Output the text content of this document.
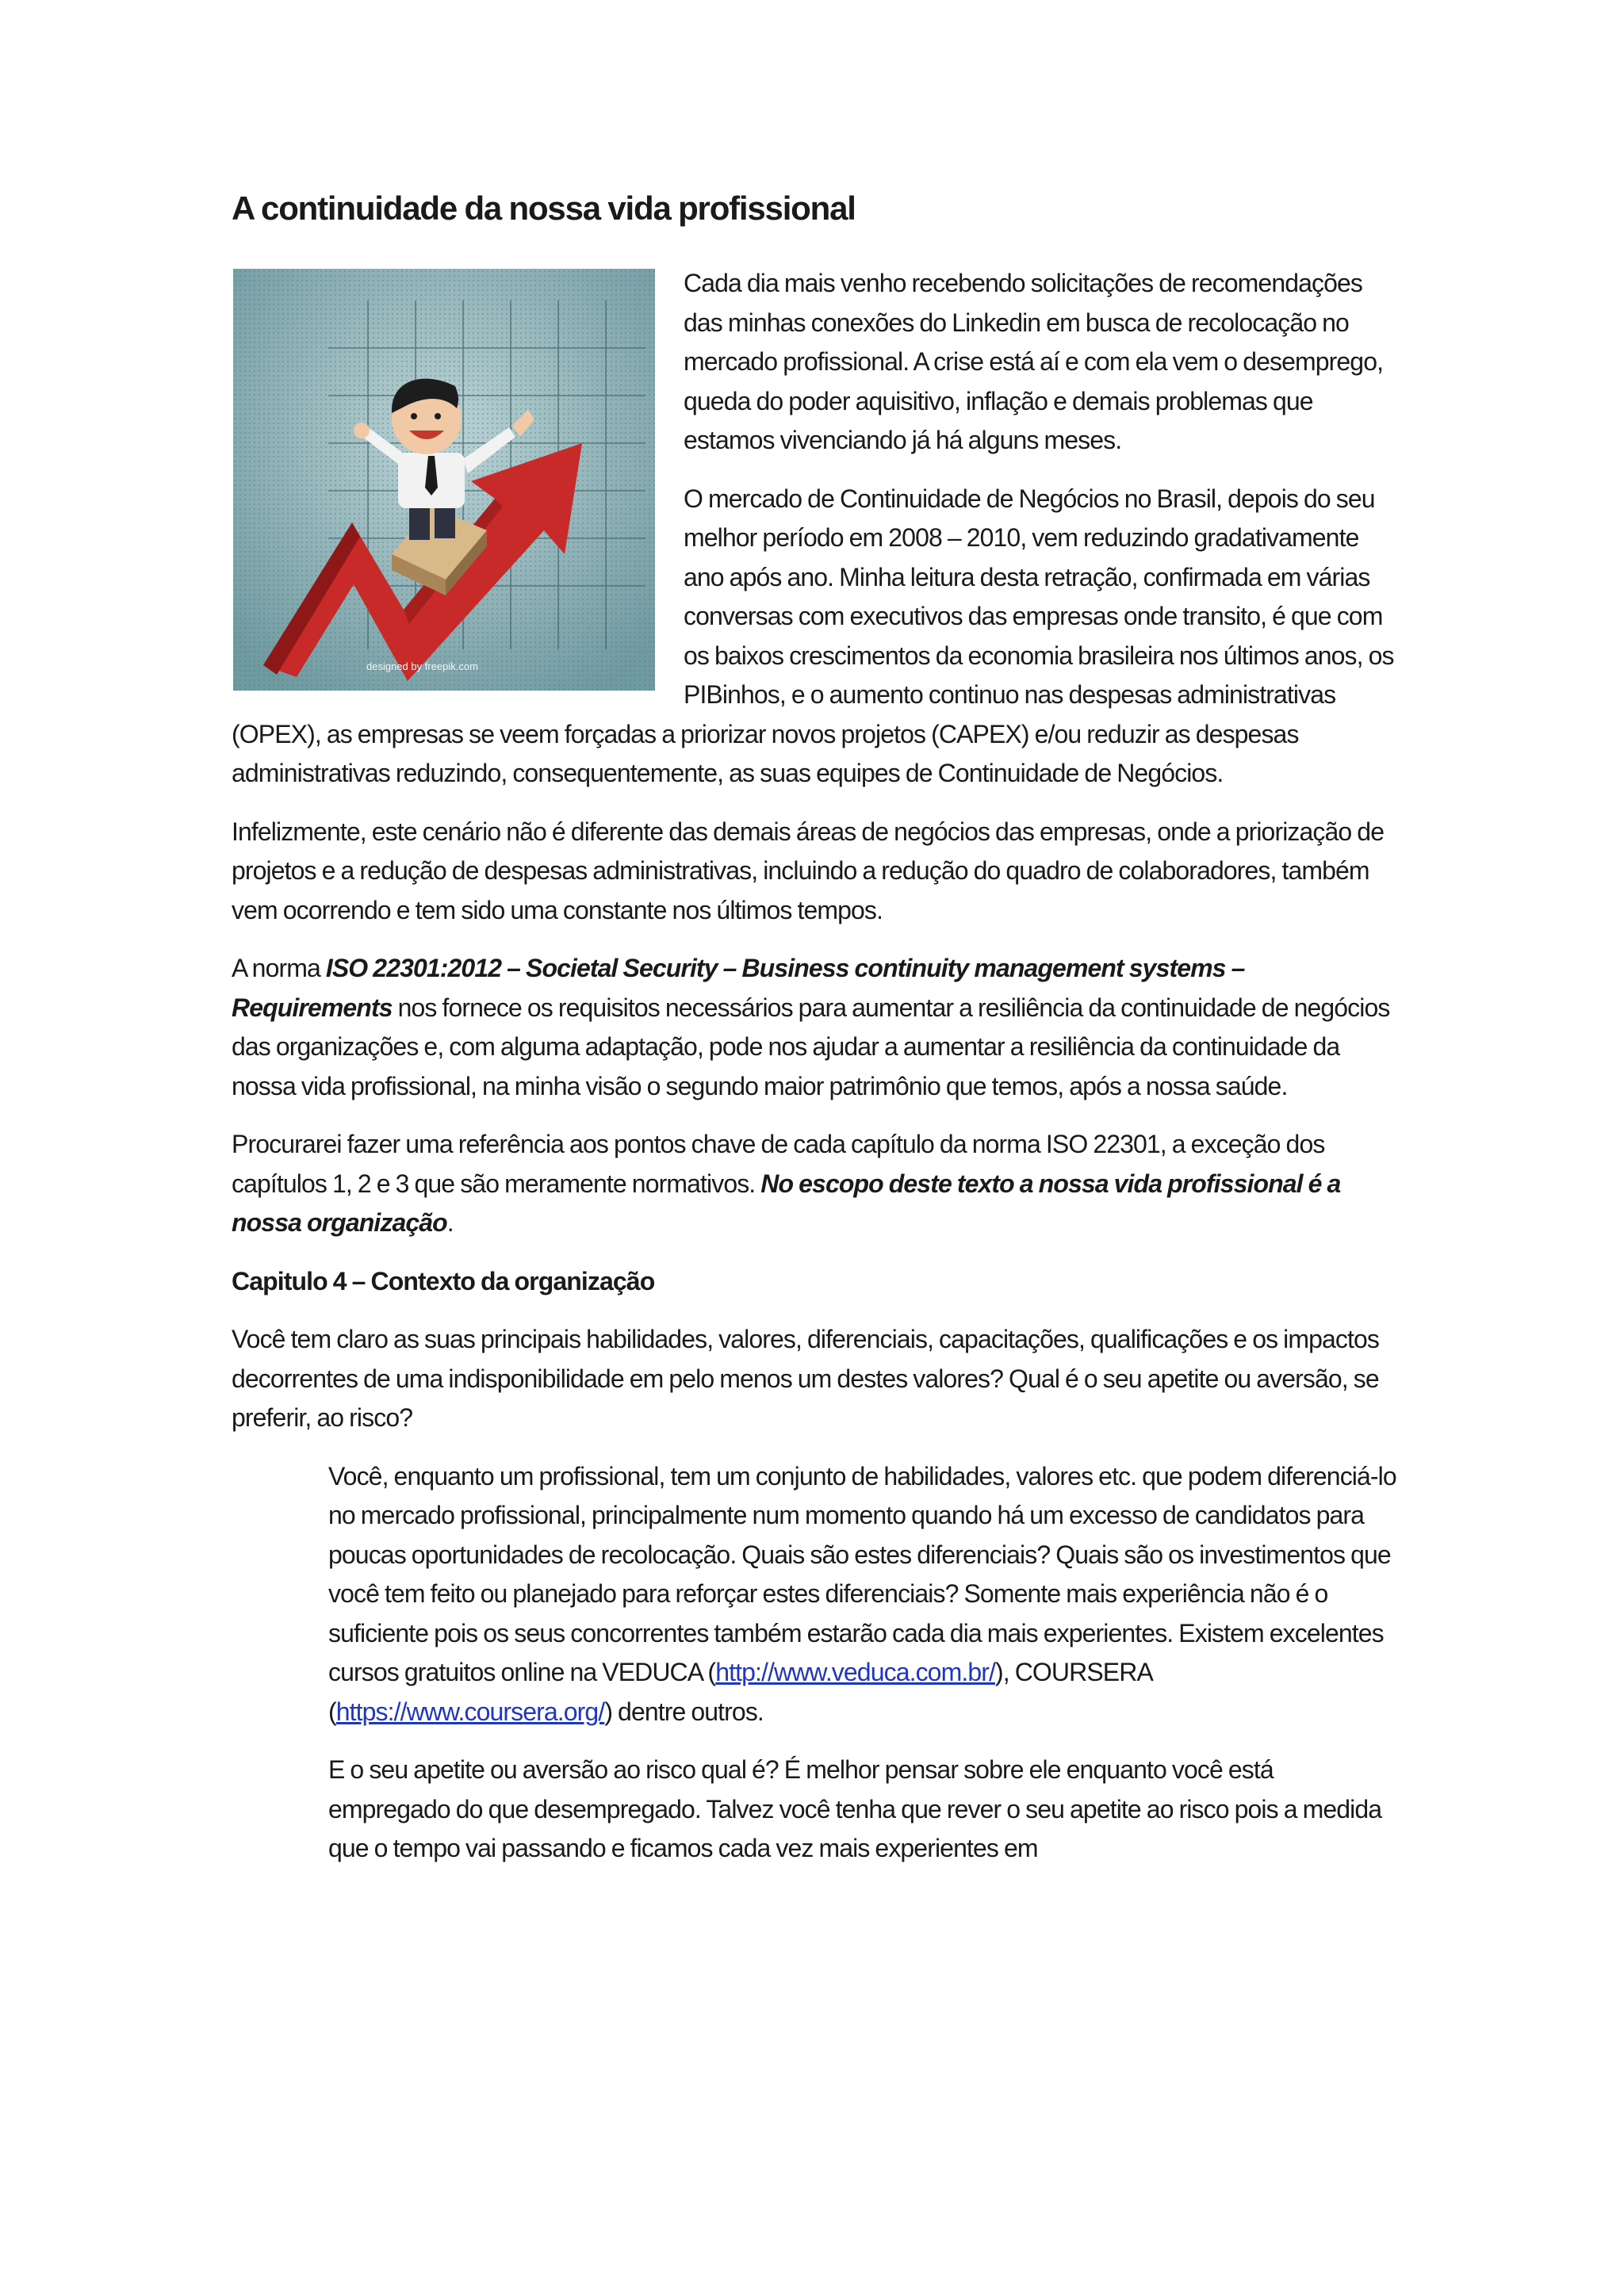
A continuidade da nossa vida profissional
designed by freepik.com

Cada dia mais venho recebendo solicitações de recomendações das minhas conexões do Linkedin em busca de recolocação no mercado profissional. A crise está aí e com ela vem o desemprego, queda do poder aquisitivo, inflação e demais problemas que estamos vivenciando já há alguns meses.

O mercado de Continuidade de Negócios no Brasil, depois do seu melhor período em 2008 – 2010, vem reduzindo gradativamente ano após ano. Minha leitura desta retração, confirmada em várias conversas com executivos das empresas onde transito, é que com os baixos crescimentos da economia brasileira nos últimos anos, os PIBinhos, e o aumento continuo nas despesas administrativas (OPEX), as empresas se veem forçadas a priorizar novos projetos (CAPEX) e/ou reduzir as despesas administrativas reduzindo, consequentemente, as suas equipes de Continuidade de Negócios.

Infelizmente, este cenário não é diferente das demais áreas de negócios das empresas, onde a priorização de projetos e a redução de despesas administrativas, incluindo a redução do quadro de colaboradores, também vem ocorrendo e tem sido uma constante nos últimos tempos.

A norma ISO 22301:2012 – Societal Security – Business continuity management systems – Requirements nos fornece os requisitos necessários para aumentar a resiliência da continuidade de negócios das organizações e, com alguma adaptação, pode nos ajudar a aumentar a resiliência da continuidade da nossa vida profissional, na minha visão o segundo maior patrimônio que temos, após a nossa saúde.

Procurarei fazer uma referência aos pontos chave de cada capítulo da norma ISO 22301, a exceção dos capítulos 1, 2 e 3 que são meramente normativos. No escopo deste texto a nossa vida profissional é a nossa organização.

Capitulo 4 – Contexto da organização

Você tem claro as suas principais habilidades, valores, diferenciais, capacitações, qualificações e os impactos decorrentes de uma indisponibilidade em pelo menos um destes valores? Qual é o seu apetite ou aversão, se preferir, ao risco?

Você, enquanto um profissional, tem um conjunto de habilidades, valores etc. que podem diferenciá-lo no mercado profissional, principalmente num momento quando há um excesso de candidatos para poucas oportunidades de recolocação. Quais são estes diferenciais? Quais são os investimentos que você tem feito ou planejado para reforçar estes diferenciais? Somente mais experiência não é o suficiente pois os seus concorrentes também estarão cada dia mais experientes. Existem excelentes cursos gratuitos online na VEDUCA (http://www.veduca.com.br/), COURSERA (https://www.coursera.org/) dentre outros.

E o seu apetite ou aversão ao risco qual é? É melhor pensar sobre ele enquanto você está empregado do que desempregado. Talvez você tenha que rever o seu apetite ao risco pois a medida que o tempo vai passando e ficamos cada vez mais experientes em
